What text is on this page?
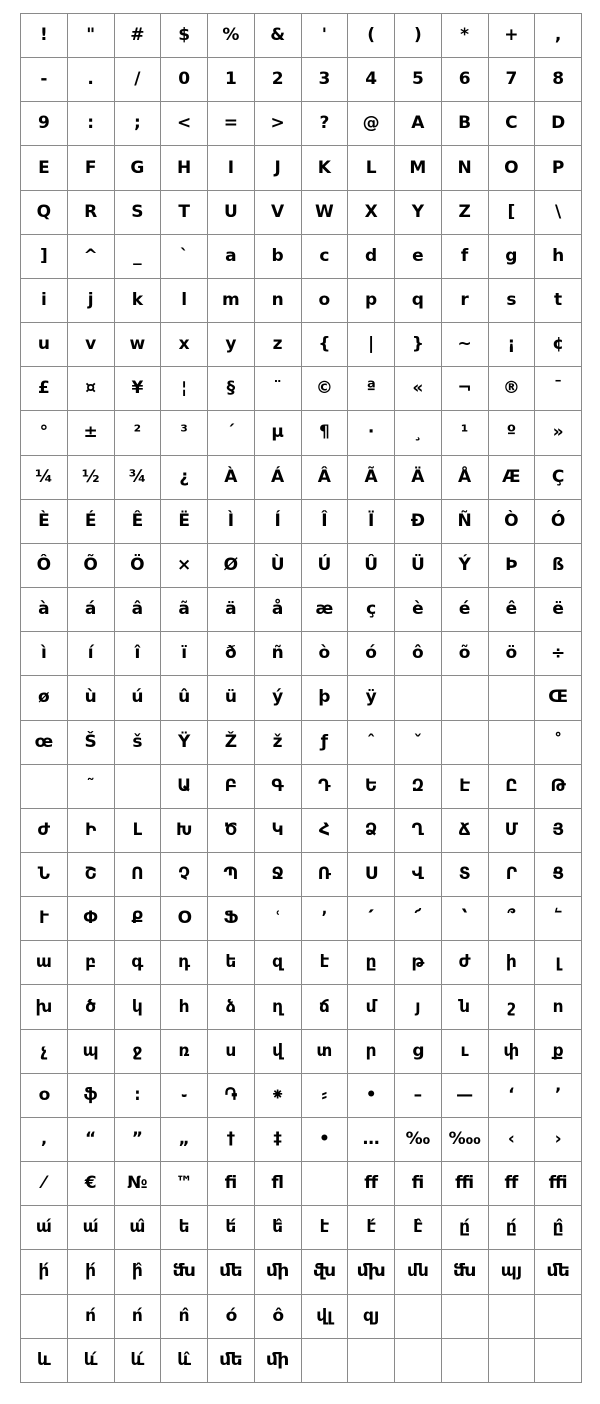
!	"	#	$	%	&	'	(	)	*	+	,
-	.	/	0	1	2	3	4	5	6	7	8
9	:	;	<	=	>	?	@	A	B	C	D
E	F	G	H	I	J	K	L	M	N	O	P
Q	R	S	T	U	V	W	X	Y	Z	[	\
]	^	_	`	a	b	c	d	e	f	g	h
i	j	k	l	m	n	o	p	q	r	s	t
u	v	w	x	y	z	{	|	}	~	¡	¢
£	¤	¥	¦	§	¨	©	ª	«	¬	®	¯
°	±	²	³	´	µ	¶	·	¸	¹	º	»
¼	½	¾	¿	À	Á	Â	Ã	Ä	Å	Æ	Ç
È	É	Ê	Ë	Ì	Í	Î	Ï	Ð	Ñ	Ò	Ó
Ô	Õ	Ö	×	Ø	Ù	Ú	Û	Ü	Ý	Þ	ß
à	á	â	ã	ä	å	æ	ç	è	é	ê	ë
ì	í	î	ï	ð	ñ	ò	ó	ô	õ	ö	÷
ø	ù	ú	û	ü	ý	þ	ÿ				Œ
œ	Š	š	Ÿ	Ž	ž	ƒ	ˆ	ˇ			˚
	˜		Ա	Բ	Գ	Դ	Ե	Զ	Է	Ը	Թ
Ժ	Ի	Լ	Խ	Ծ	Կ	Հ	Ձ	Ղ	Ճ	Մ	Յ
Ն	Շ	Ո	Չ	Պ	Ջ	Ռ	Ս	Վ	Տ	Ր	Ց
Ւ	Փ	Ք	Օ	Ֆ	ՙ	՚	՛	՜	՝	՞	՟
ա	բ	գ	դ	ե	զ	է	ը	թ	ժ	ի	լ
խ	ծ	կ	հ	ձ	ղ	ճ	մ	յ	ն	շ	ո
չ	պ	ջ	ռ	ս	վ	տ	ր	ց	ւ	փ	ք
օ	ֆ	։	֊	֏	⁕	⸗	•	–	—	‘	’
‚	“	”	„	†	‡	•	…	‰	‱	‹	›
⁄	€	№	™	ﬁ	ﬂ		ﬀ	ﬁ	ﬃ	ﬀ	ﬃ
ա́	ա́	ա̂	ե	ե́	ե̂	է	է́	է̂	ը́	ը́	ը̂
ի́	ի́	ի̂	ﬓ	ﬔ	ﬕ	ﬖ	ﬗ	մն	ﬓ	պյ	ﬔ
	ո́	ո́	ո̂	օ́	օ̂	վլ	զյ				
և	և́	և́	և̂	ﬔ	ﬕ						
